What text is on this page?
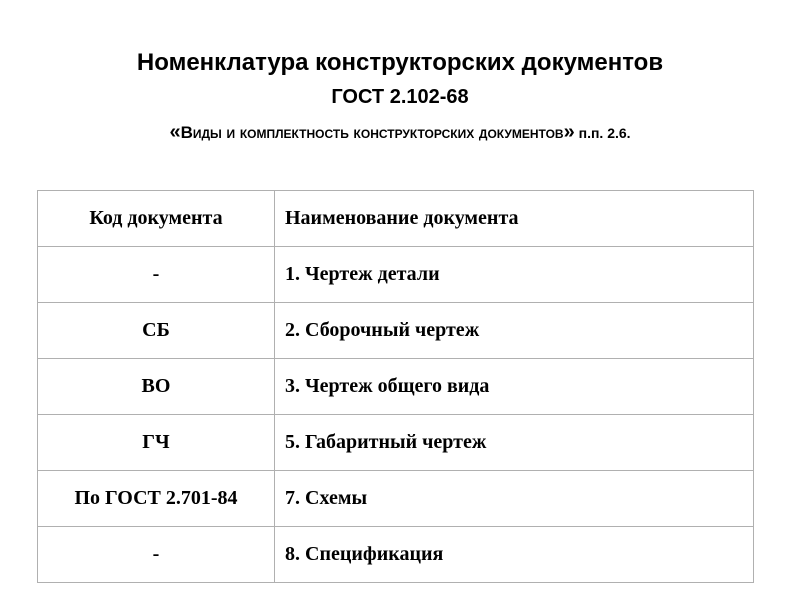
Номенклатура конструкторских документов
ГОСТ 2.102-68
«Виды и комплектность конструкторских документов» п.п. 2.6.
Код документа	Наименование документа
-	1. Чертеж детали
СБ	2. Сборочный чертеж
ВО	3. Чертеж общего вида
ГЧ	5. Габаритный чертеж
По ГОСТ 2.701-84	7. Схемы
-	8. Спецификация
